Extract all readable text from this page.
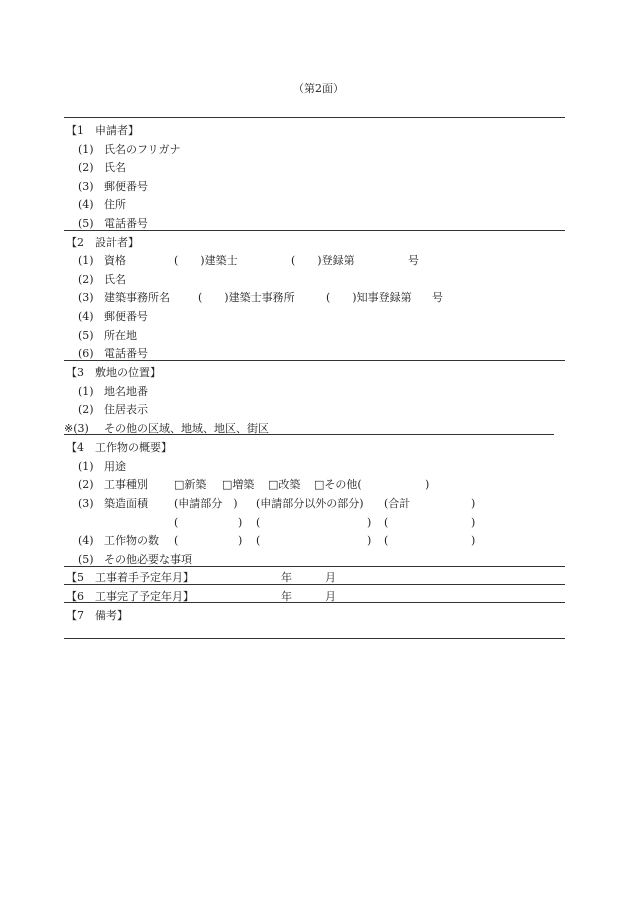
（第2面）
【1　申請者】
(1) 氏名のフリガナ
(2) 氏名
(3) 郵便番号
(4) 住所
(5) 電話番号
【2　設計者】
(1) 資格	(　　)建築士	(　　)登録第	号
(2) 氏名
(3) 建築事務所名	(　　)建築士事務所	(　　)知事登録第 号
(4) 郵便番号
(5) 所在地
(6) 電話番号
【3　敷地の位置】
(1) 地名地番
(2) 住居表示
※(3) その他の区域、地域、地区、街区
【4　工作物の概要】
(1) 用途
(2) 工事種別 □新築 □増築 □改築 □その他(	)
(3) 築造面積 (申請部分　) (申請部分以外の部分) (合計	)
(	) (	) (	)
(4) 工作物の数 (	) (	) (	)
(5) その他必要な事項
【5　工事着手予定年月】	年	月
【6　工事完了予定年月】	年	月
【7　備考】
